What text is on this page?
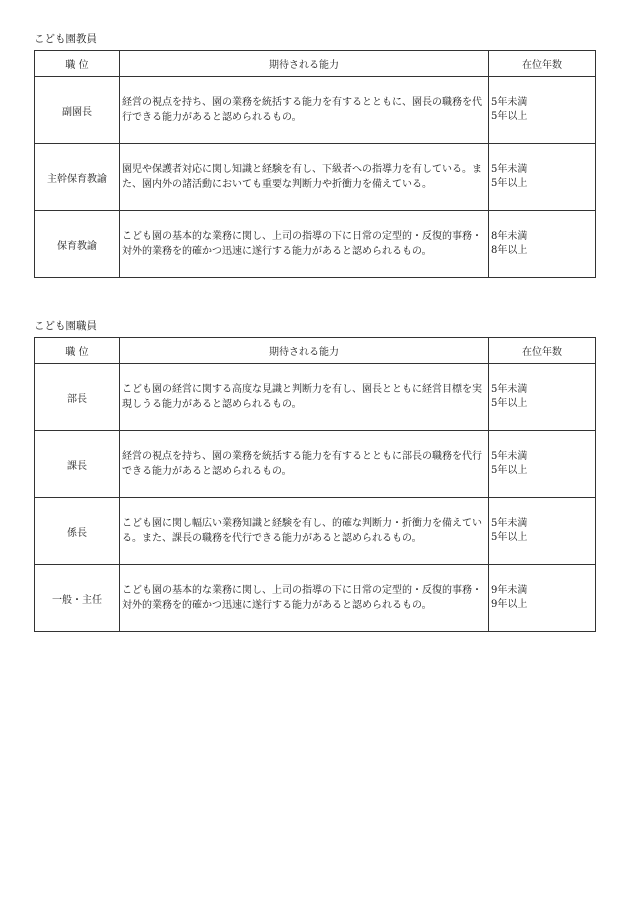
こども園教員
職 位	期待される能力	在位年数
副園長	経営の視点を持ち、園の業務を統括する能力を有するとともに、園長の職務を代行できる能力があると認められるもの。	5年未満
5年以上

主幹保育教諭	園児や保護者対応に関し知識と経験を有し、下級者への指導力を有している。また、園内外の諸活動においても重要な判断力や折衝力を備えている。	5年未満
5年以上

保育教諭	こども園の基本的な業務に関し、上司の指導の下に日常の定型的・反復的事務・対外的業務を的確かつ迅速に遂行する能力があると認められるもの。	8年未満
8年以上
こども園職員
職 位	期待される能力	在位年数
部長	こども園の経営に関する高度な見識と判断力を有し、園長とともに経営目標を実現しうる能力があると認められるもの。	5年未満
5年以上

課長	経営の視点を持ち、園の業務を統括する能力を有するとともに部長の職務を代行できる能力があると認められるもの。	5年未満
5年以上

係長	こども園に関し幅広い業務知識と経験を有し、的確な判断力・折衝力を備えている。また、課長の職務を代行できる能力があると認められるもの。	5年未満
5年以上

一般・主任	こども園の基本的な業務に関し、上司の指導の下に日常の定型的・反復的事務・対外的業務を的確かつ迅速に遂行する能力があると認められるもの。	9年未満
9年以上
